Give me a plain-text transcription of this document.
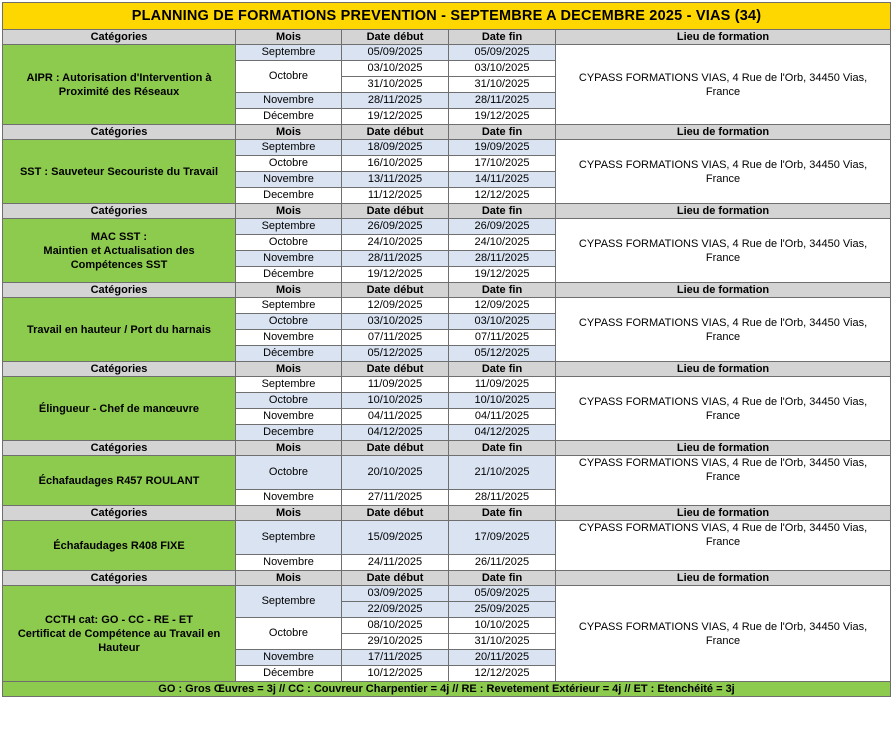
PLANNING DE FORMATIONS PREVENTION - SEPTEMBRE A DECEMBRE 2025 - VIAS (34)				
Catégories	Mois	Date début	Date fin	Lieu de formation

AIPR : Autorisation d'Intervention à
Proximité des Réseaux	Septembre	05/09/2025	05/09/2025	CYPASS FORMATIONS VIAS, 4 Rue de l'Orb, 34450 Vias, France
	Octobre	03/10/2025	03/10/2025	
		31/10/2025	31/10/2025	
	Novembre	28/11/2025	28/11/2025	
	Décembre	19/12/2025	19/12/2025	
Catégories	Mois	Date début	Date fin	Lieu de formation

SST : Sauveteur Secouriste du Travail	Septembre	18/09/2025	19/09/2025	CYPASS FORMATIONS VIAS, 4 Rue de l'Orb, 34450 Vias, France
	Octobre	16/10/2025	17/10/2025	
	Novembre	13/11/2025	14/11/2025	
	Decembre	11/12/2025	12/12/2025	
Catégories	Mois	Date début	Date fin	Lieu de formation

MAC SST :
Maintien et Actualisation des
Compétences SST	Septembre	26/09/2025	26/09/2025	CYPASS FORMATIONS VIAS, 4 Rue de l'Orb, 34450 Vias, France
	Octobre	24/10/2025	24/10/2025	
	Novembre	28/11/2025	28/11/2025	
	Décembre	19/12/2025	19/12/2025	
Catégories	Mois	Date début	Date fin	Lieu de formation

Travail en hauteur / Port du harnais	Septembre	12/09/2025	12/09/2025	CYPASS FORMATIONS VIAS, 4 Rue de l'Orb, 34450 Vias, France
	Octobre	03/10/2025	03/10/2025	
	Novembre	07/11/2025	07/11/2025	
	Décembre	05/12/2025	05/12/2025	
Catégories	Mois	Date début	Date fin	Lieu de formation

Élingueur - Chef de manœuvre	Septembre	11/09/2025	11/09/2025	CYPASS FORMATIONS VIAS, 4 Rue de l'Orb, 34450 Vias, France
	Octobre	10/10/2025	10/10/2025	
	Novembre	04/11/2025	04/11/2025	
	Decembre	04/12/2025	04/12/2025	
Catégories	Mois	Date début	Date fin	Lieu de formation

Échafaudages R457 ROULANT	Octobre	20/10/2025	21/10/2025	CYPASS FORMATIONS VIAS, 4 Rue de l'Orb, 34450 Vias, France
	Novembre	27/11/2025	28/11/2025	
Catégories	Mois	Date début	Date fin	Lieu de formation

Échafaudages R408 FIXE	Septembre	15/09/2025	17/09/2025	CYPASS FORMATIONS VIAS, 4 Rue de l'Orb, 34450 Vias, France
	Novembre	24/11/2025	26/11/2025	
Catégories	Mois	Date début	Date fin	Lieu de formation

CCTH cat: GO - CC - RE - ET
Certificat de Compétence au Travail en
Hauteur	Septembre	03/09/2025	05/09/2025	CYPASS FORMATIONS VIAS, 4 Rue de l'Orb, 34450 Vias, France
		22/09/2025	25/09/2025	
	Octobre	08/10/2025	10/10/2025	
		29/10/2025	31/10/2025	
	Novembre	17/11/2025	20/11/2025	
	Décembre	10/12/2025	12/12/2025	
GO : Gros Œuvres = 3j // CC : Couvreur Charpentier = 4j // RE : Revetement Extérieur = 4j // ET : Etenchéité = 3j				
